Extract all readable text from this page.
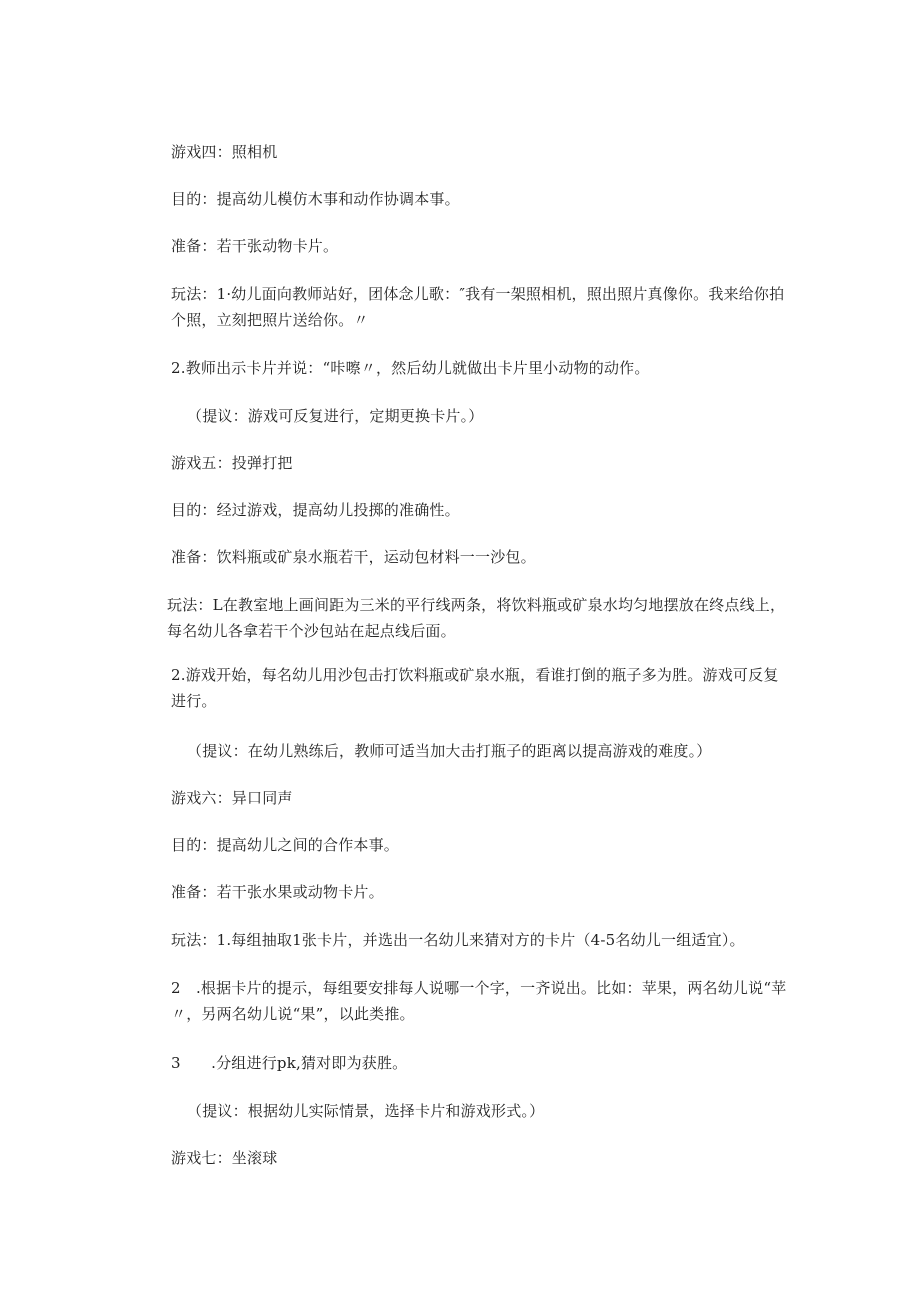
游戏四：照相机

目的：提高幼儿模仿木事和动作协调本事。

准备：若干张动物卡片。

玩法：1·幼儿面向教师站好，团体念儿歌：″我有一架照相机，照出照片真像你。我来给你拍个照，立刻把照片送给你。〃

2.教师出示卡片并说：“咔嚓〃，然后幼儿就做出卡片里小动物的动作。

（提议：游戏可反复进行，定期更换卡片。）

游戏五：投弹打把

目的：经过游戏，提高幼儿投掷的准确性。

准备：饮料瓶或矿泉水瓶若干，运动包材料一一沙包。

玩法：L在教室地上画间距为三米的平行线两条，将饮料瓶或矿泉水均匀地摆放在终点线上，每名幼儿各拿若干个沙包站在起点线后面。

2.游戏开始，每名幼儿用沙包击打饮料瓶或矿泉水瓶，看谁打倒的瓶子多为胜。游戏可反复进行。

（提议：在幼儿熟练后，教师可适当加大击打瓶子的距离以提高游戏的难度。）

游戏六：异口同声

目的：提高幼儿之间的合作本事。

准备：若干张水果或动物卡片。

玩法：1.每组抽取1张卡片，并选出一名幼儿来猜对方的卡片（4-5名幼儿一组适宜）。

2　.根据卡片的提示，每组要安排每人说哪一个字，一齐说出。比如：苹果，两名幼儿说“苹〃，另两名幼儿说“果”，以此类推。

3　　.分组进行pk,猜对即为获胜。

（提议：根据幼儿实际情景，选择卡片和游戏形式。）

游戏七：坐滚球
